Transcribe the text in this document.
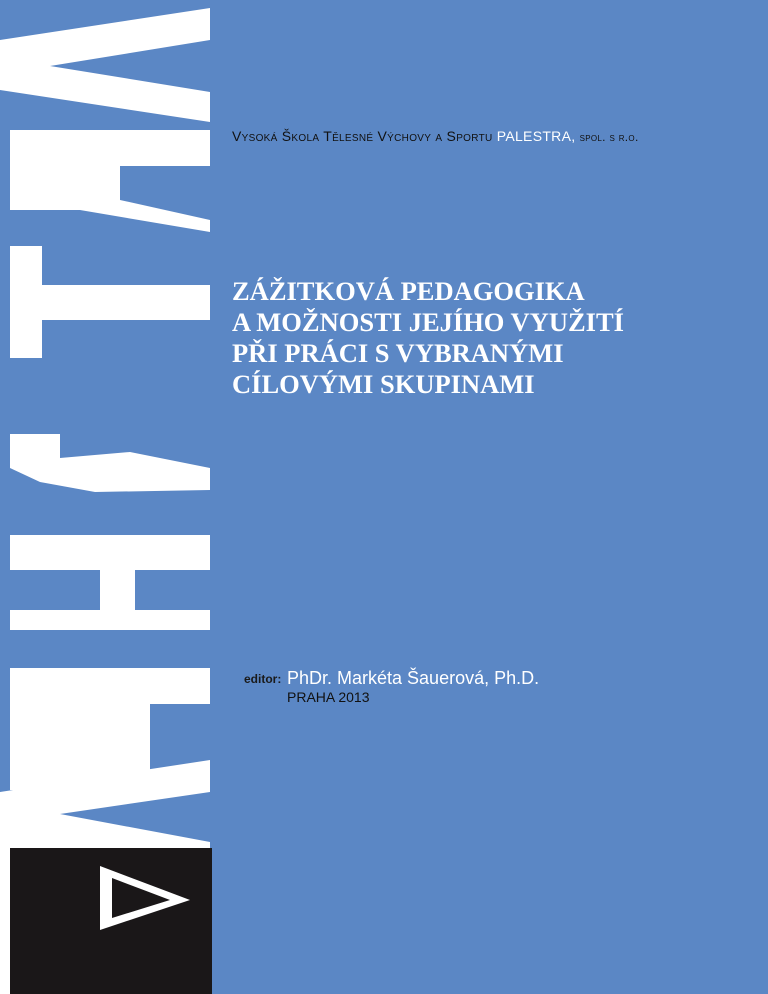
Vysoká Škola Tělesné Výchovy a Sportu PALESTRA, spol. s r.o.
ZÁŽITKOVÁ PEDAGOGIKA
A MOŽNOSTI JEJÍHO VYUŽITÍ
PŘI PRÁCI S VYBRANÝMI
CÍLOVÝMI SKUPINAMI
editor: PhDr. Markéta Šauerová, Ph.D.
PRAHA 2013
